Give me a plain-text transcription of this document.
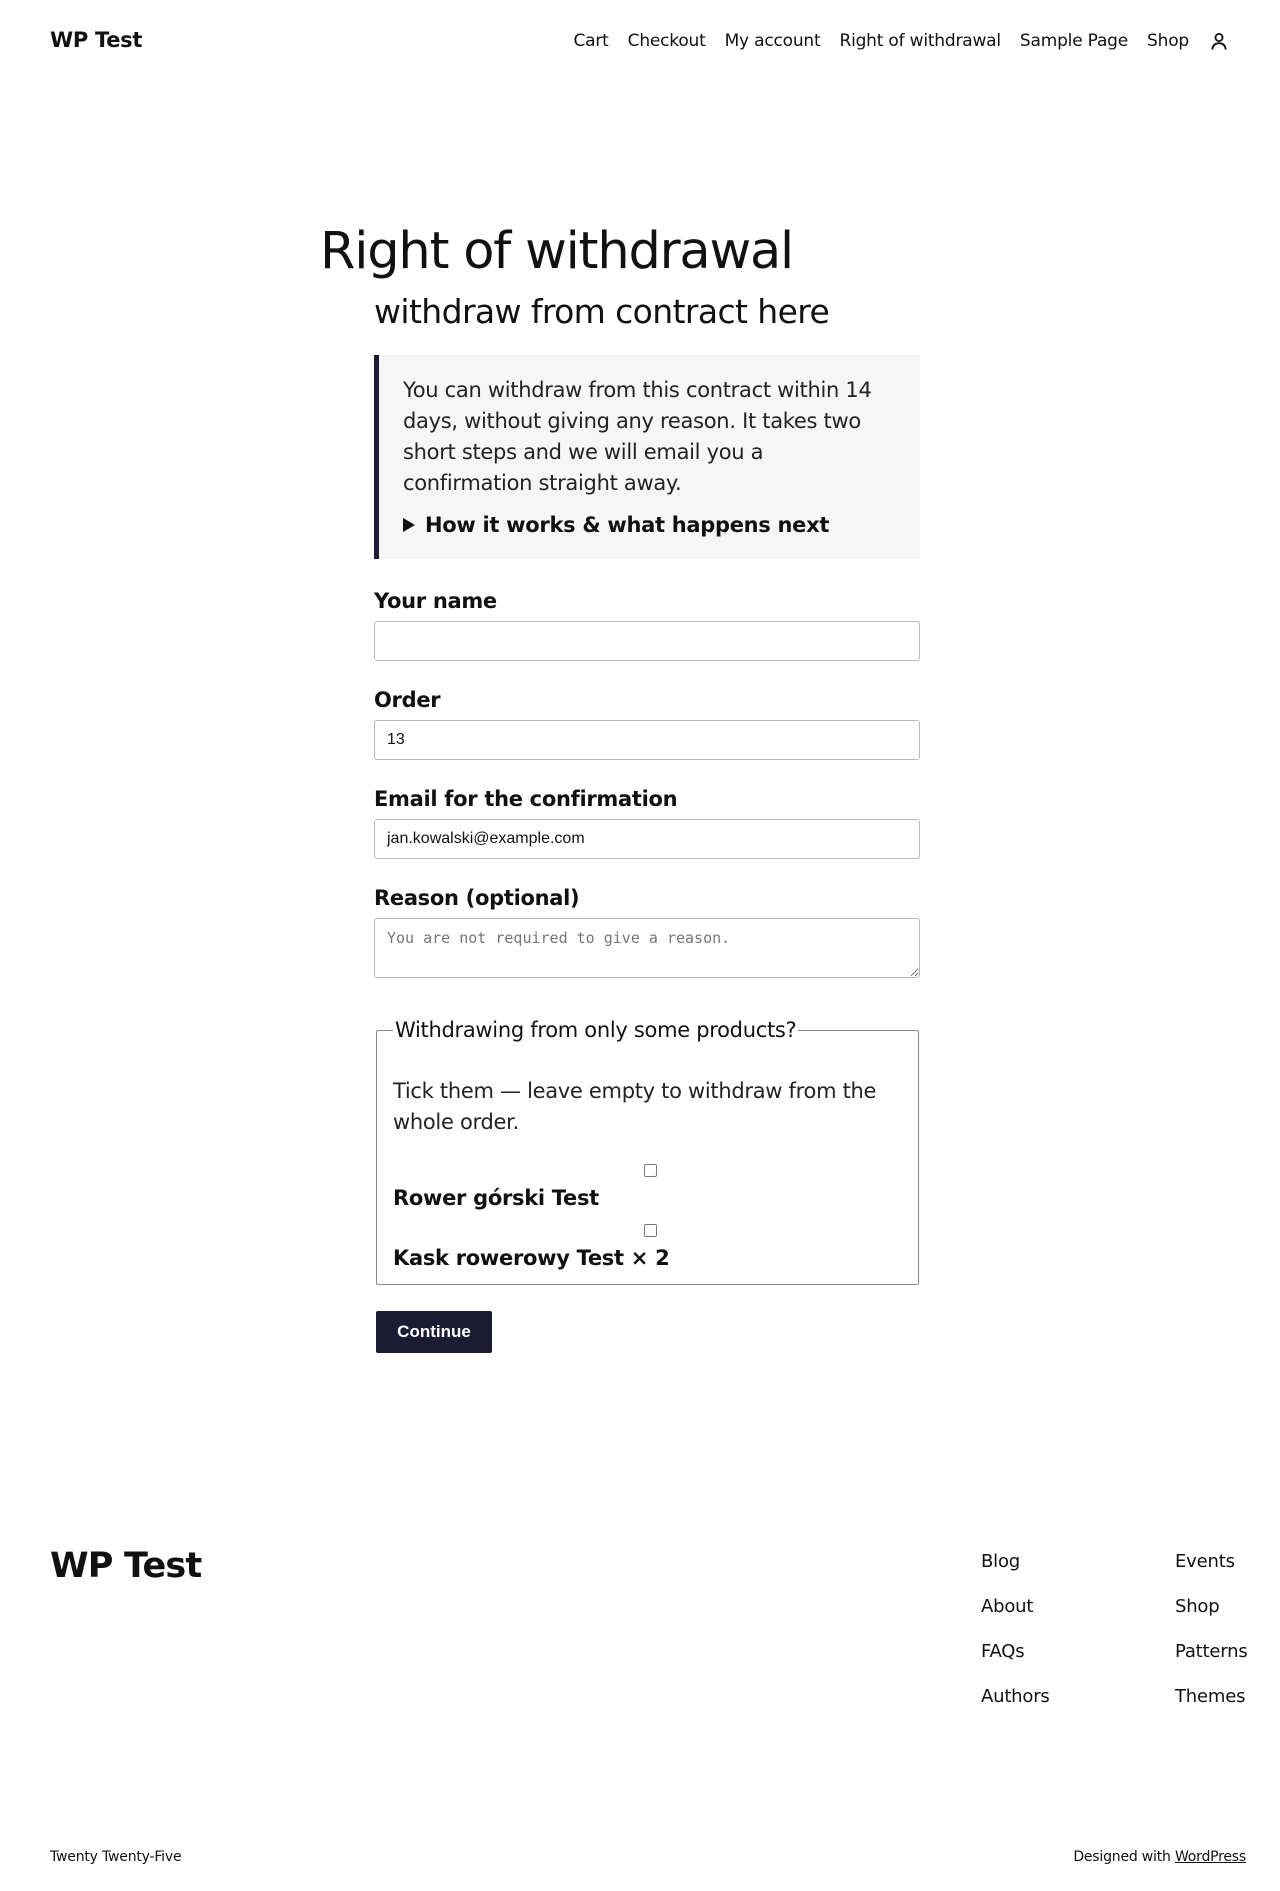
WP Test	Cart Checkout My account Right of withdrawal Sample Page Shop
Right of withdrawal
withdraw from contract here

You can withdraw from this contract within 14 days, without giving any reason. It takes two short steps and we will email you a confirmation straight away.

How it works & what happens next
Your name
Order
13
Email for the confirmation
jan.kowalski@example.com
Reason (optional)
You are not required to give a reason.
Withdrawing from only some products?

Tick them — leave empty to withdraw from the whole order.

Rower górski Test
Kask rowerowy Test × 2
Continue
WP Test	Blog
About
FAQs
Authors
Events
Shop
Patterns
Themes
Twenty Twenty-Five	Designed with WordPress
